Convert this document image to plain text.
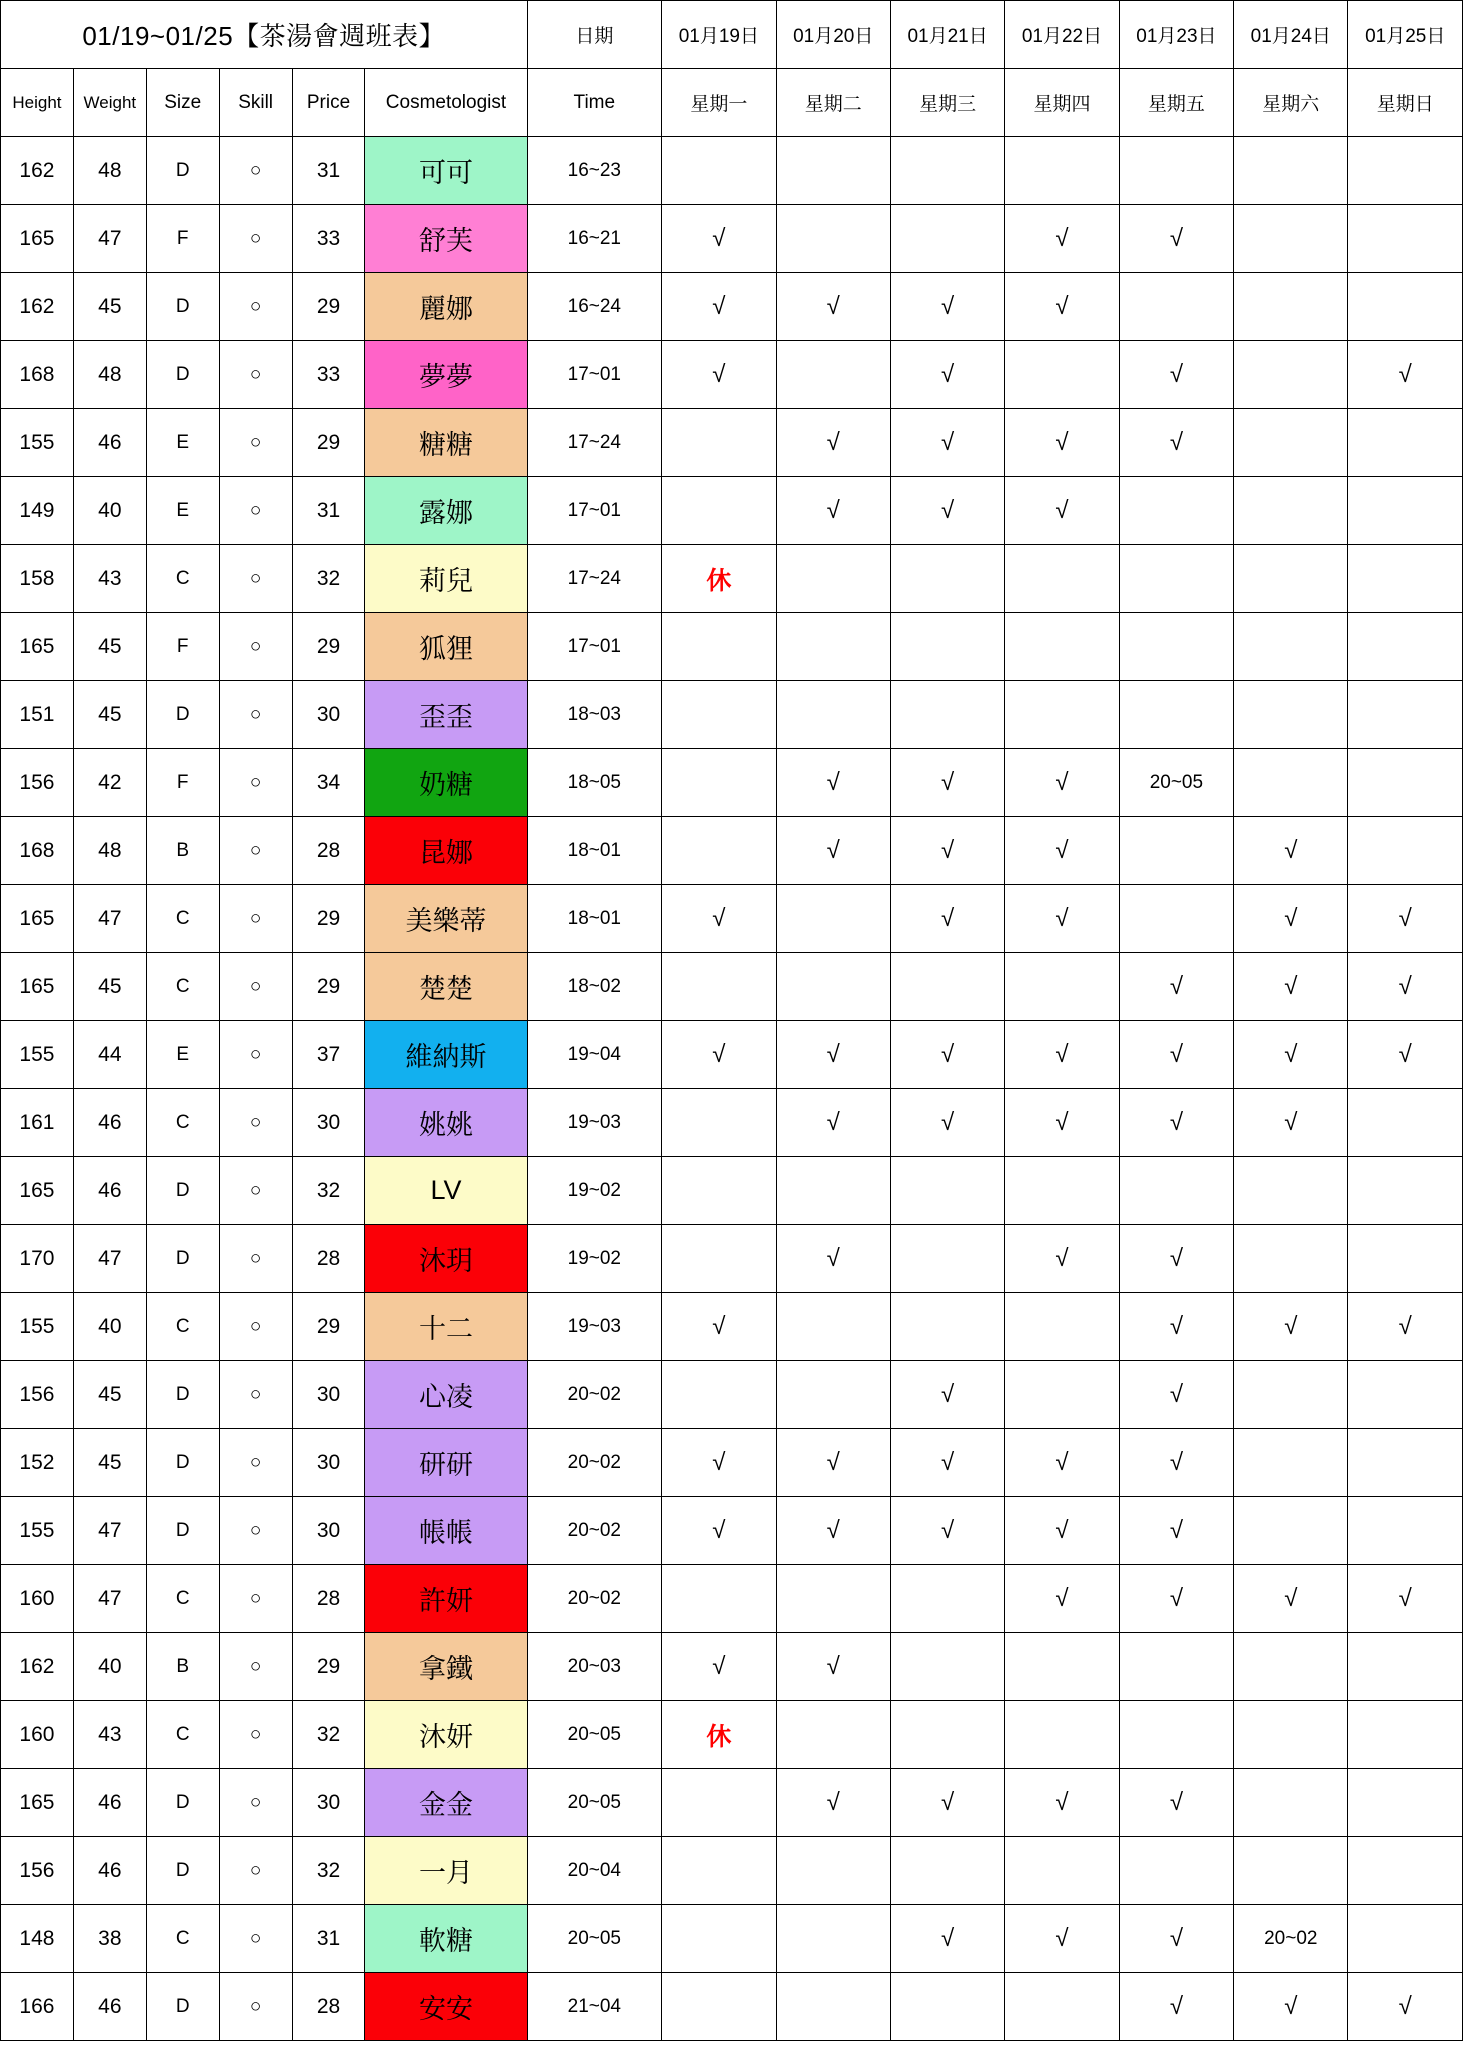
01/19~01/25【茶湯會週班表】						日期	01月19日	01月20日	01月21日	01月22日	01月23日	01月24日	01月25日
Height	Weight	Size	Skill	Price	Cosmetologist	Time	星期一	星期二	星期三	星期四	星期五	星期六	星期日
162	48	D	○	31	可可	16~23							
165	47	F	○	33	舒芙	16~21	√			√	√		
162	45	D	○	29	麗娜	16~24	√	√	√	√			
168	48	D	○	33	夢夢	17~01	√		√		√		√
155	46	E	○	29	糖糖	17~24		√	√	√	√		
149	40	E	○	31	露娜	17~01		√	√	√			
158	43	C	○	32	莉兒	17~24	休						
165	45	F	○	29	狐狸	17~01							
151	45	D	○	30	歪歪	18~03							
156	42	F	○	34	奶糖	18~05		√	√	√	20~05		
168	48	B	○	28	昆娜	18~01		√	√	√		√	
165	47	C	○	29	美樂蒂	18~01	√		√	√		√	√
165	45	C	○	29	楚楚	18~02					√	√	√
155	44	E	○	37	維納斯	19~04	√	√	√	√	√	√	√
161	46	C	○	30	姚姚	19~03		√	√	√	√	√	
165	46	D	○	32	LV	19~02							
170	47	D	○	28	沐玥	19~02		√		√	√		
155	40	C	○	29	十二	19~03	√				√	√	√
156	45	D	○	30	心凌	20~02			√		√		
152	45	D	○	30	研研	20~02	√	√	√	√	√		
155	47	D	○	30	帳帳	20~02	√	√	√	√	√		
160	47	C	○	28	許妍	20~02				√	√	√	√
162	40	B	○	29	拿鐵	20~03	√	√					
160	43	C	○	32	沐妍	20~05	休						
165	46	D	○	30	金金	20~05		√	√	√	√		
156	46	D	○	32	一月	20~04							
148	38	C	○	31	軟糖	20~05			√	√	√	20~02	
166	46	D	○	28	安安	21~04					√	√	√
